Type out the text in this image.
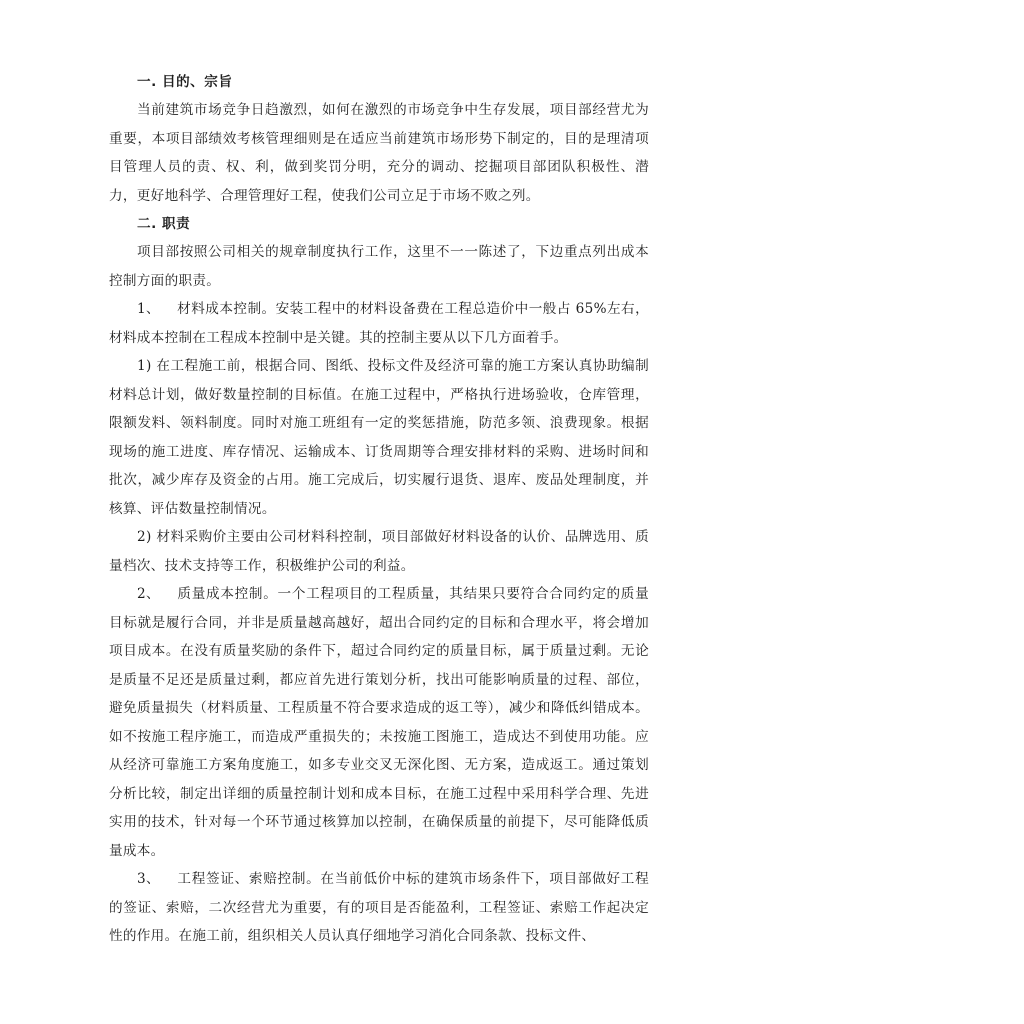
一. 目的、宗旨

当前建筑市场竞争日趋激烈，如何在激烈的市场竞争中生存发展，项目部经营尤为重要，本项目部绩效考核管理细则是在适应当前建筑市场形势下制定的，目的是理清项目管理人员的责、权、利，做到奖罚分明，充分的调动、挖掘项目部团队积极性、潜力，更好地科学、合理管理好工程，使我们公司立足于市场不败之列。

二. 职责

项目部按照公司相关的规章制度执行工作，这里不一一陈述了，下边重点列出成本控制方面的职责。

1、 材料成本控制。安装工程中的材料设备费在工程总造价中一般占 65%左右，材料成本控制在工程成本控制中是关键。其的控制主要从以下几方面着手。

1) 在工程施工前，根据合同、图纸、投标文件及经济可靠的施工方案认真协助编制材料总计划，做好数量控制的目标值。在施工过程中，严格执行进场验收，仓库管理，限额发料、领料制度。同时对施工班组有一定的奖惩措施，防范多领、浪费现象。根据现场的施工进度、库存情况、运输成本、订货周期等合理安排材料的采购、进场时间和批次，减少库存及资金的占用。施工完成后，切实履行退货、退库、废品处理制度，并核算、评估数量控制情况。

2) 材料采购价主要由公司材料科控制，项目部做好材料设备的认价、品牌选用、质量档次、技术支持等工作，积极维护公司的利益。

2、 质量成本控制。一个工程项目的工程质量，其结果只要符合合同约定的质量目标就是履行合同，并非是质量越高越好，超出合同约定的目标和合理水平，将会增加项目成本。在没有质量奖励的条件下，超过合同约定的质量目标，属于质量过剩。无论是质量不足还是质量过剩，都应首先进行策划分析，找出可能影响质量的过程、部位，避免质量损失（材料质量、工程质量不符合要求造成的返工等），减少和降低纠错成本。如不按施工程序施工，而造成严重损失的；未按施工图施工，造成达不到使用功能。应从经济可靠施工方案角度施工，如多专业交叉无深化图、无方案，造成返工。通过策划分析比较，制定出详细的质量控制计划和成本目标，在施工过程中采用科学合理、先进实用的技术，针对每一个环节通过核算加以控制，在确保质量的前提下，尽可能降低质量成本。

3、 工程签证、索赔控制。在当前低价中标的建筑市场条件下，项目部做好工程的签证、索赔，二次经营尤为重要，有的项目是否能盈利，工程签证、索赔工作起决定性的作用。在施工前，组织相关人员认真仔细地学习消化合同条款、投标文件、
